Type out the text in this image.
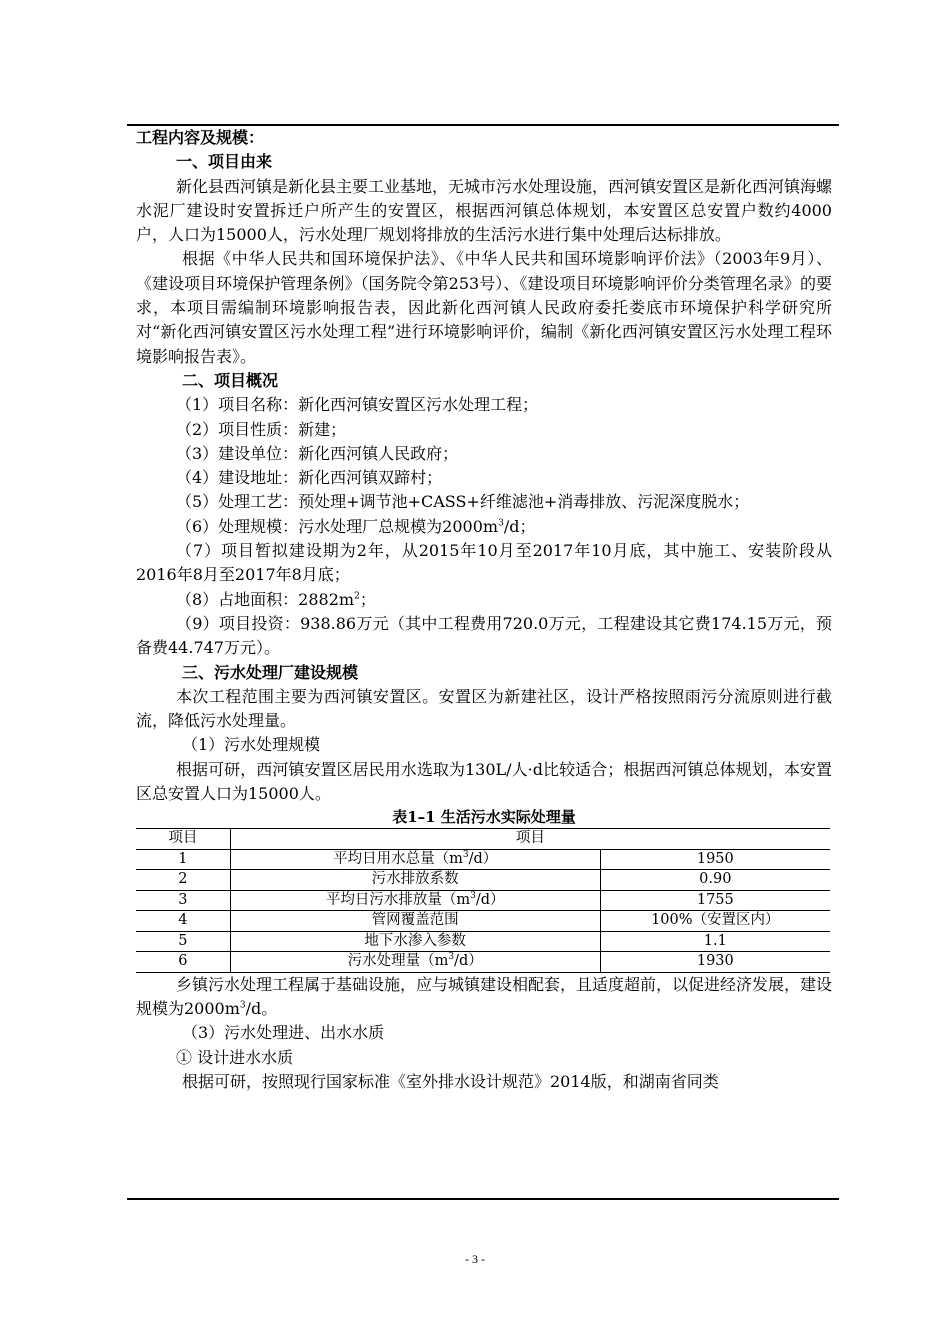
工程内容及规模：

一、项目由来

新化县西河镇是新化县主要工业基地，无城市污水处理设施，西河镇安置区是新化西河镇海螺水泥厂建设时安置拆迁户所产生的安置区，根据西河镇总体规划，本安置区总安置户数约4000户，人口为15000人，污水处理厂规划将排放的生活污水进行集中处理后达标排放。

根据《中华人民共和国环境保护法》、《中华人民共和国环境影响评价法》（2003年9月）、《建设项目环境保护管理条例》（国务院令第253号）、《建设项目环境影响评价分类管理名录》的要求，本项目需编制环境影响报告表，因此新化西河镇人民政府委托娄底市环境保护科学研究所对“新化西河镇安置区污水处理工程”进行环境影响评价，编制《新化西河镇安置区污水处理工程环境影响报告表》。

二、项目概况

（1）项目名称：新化西河镇安置区污水处理工程；

（2）项目性质：新建；

（3）建设单位：新化西河镇人民政府；

（4）建设地址：新化西河镇双蹄村；

（5）处理工艺：预处理+调节池+CASS+纤维滤池+消毒排放、污泥深度脱水；

（6）处理规模：污水处理厂总规模为$2000m^3/d$；

（7）项目暂拟建设期为2年，从2015年10月至2017年10月底，其中施工、安装阶段从2016年8月至2017年8月底；

（8）占地面积：$2882m^2$；

（9）项目投资：938.86万元（其中工程费用720.0万元，工程建设其它费174.15万元，预备费44.747万元）。

三、污水处理厂建设规模

本次工程范围主要为西河镇安置区。安置区为新建社区，设计严格按照雨污分流原则进行截流，降低污水处理量。

（1）污水处理规模

根据可研，西河镇安置区居民用水选取为130L/人·d比较适合；根据西河镇总体规划，本安置区总安置人口为15000人。

表1–1 生活污水实际处理量

项目	项目	
1	平均日用水总量$(m^3/d)$	1950
2	污水排放系数	0.90
3	平均日污水排放量$(m^3/d)$	1755
4	管网覆盖范围	100%（安置区内）
5	地下水渗入参数	1.1
6	污水处理量$(m^3/d)$	1930

乡镇污水处理工程属于基础设施，应与城镇建设相配套，且适度超前，以促进经济发展，建设规模为$2000m^3/d$。

（3）污水处理进、出水水质

① 设计进水水质

根据可研，按照现行国家标准《室外排水设计规范》2014版，和湖南省同类

- 3 -
